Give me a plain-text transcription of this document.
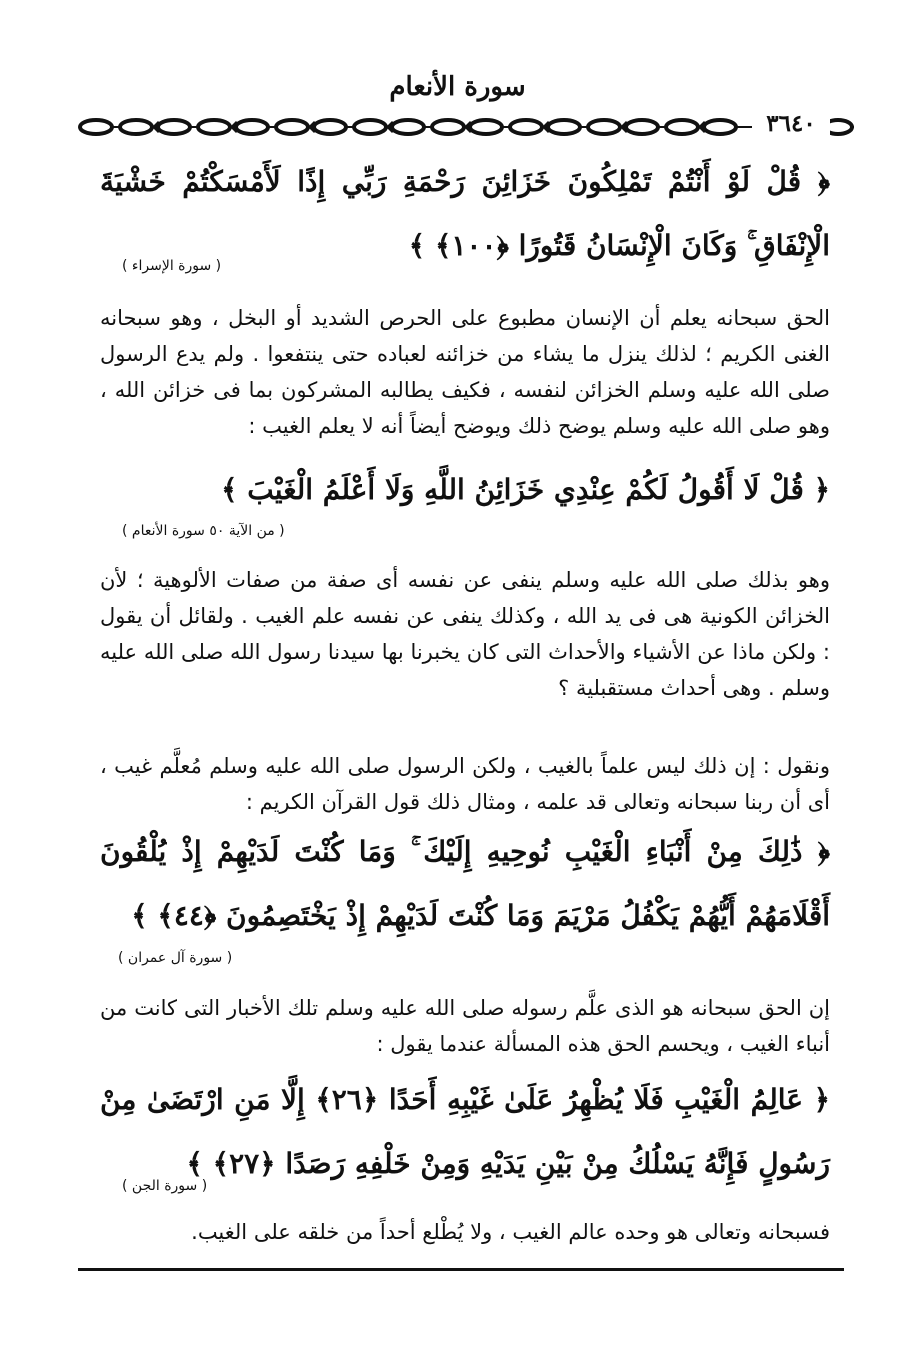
سورة الأنعام
٣٦٤٠
﴿ قُلْ لَوْ أَنْتُمْ تَمْلِكُونَ خَزَائِنَ رَحْمَةِ رَبِّي إِذًا لَأَمْسَكْتُمْ خَشْيَةَ الْإِنْفَاقِ ۚ وَكَانَ الْإِنْسَانُ قَتُورًا ﴿١٠٠﴾ ﴾
( سورة الإسراء )
الحق سبحانه يعلم أن الإنسان مطبوع على الحرص الشديد أو البخل ، وهو سبحانه الغنى الكريم ؛ لذلك ينزل ما يشاء من خزائنه لعباده حتى ينتفعوا . ولم يدع الرسول صلى الله عليه وسلم الخزائن لنفسه ، فكيف يطالبه المشركون بما فى خزائن الله ، وهو صلى الله عليه وسلم يوضح ذلك ويوضح أيضاً أنه لا يعلم الغيب :
﴿ قُلْ لَا أَقُولُ لَكُمْ عِنْدِي خَزَائِنُ اللَّهِ وَلَا أَعْلَمُ الْغَيْبَ ﴾
( من الآية ٥٠ سورة الأنعام )
وهو بذلك صلى الله عليه وسلم ينفى عن نفسه أى صفة من صفات الألوهية ؛ لأن الخزائن الكونية هى فى يد الله ، وكذلك ينفى عن نفسه علم الغيب . ولقائل أن يقول : ولكن ماذا عن الأشياء والأحداث التى كان يخبرنا بها سيدنا رسول الله صلى الله عليه وسلم . وهى أحداث مستقبلية ؟
ونقول : إن ذلك ليس علماً بالغيب ، ولكن الرسول صلى الله عليه وسلم مُعلَّم غيب ، أى أن ربنا سبحانه وتعالى قد علمه ، ومثال ذلك قول القرآن الكريم :
﴿ ذَٰلِكَ مِنْ أَنْبَاءِ الْغَيْبِ نُوحِيهِ إِلَيْكَ ۚ وَمَا كُنْتَ لَدَيْهِمْ إِذْ يُلْقُونَ أَقْلَامَهُمْ أَيُّهُمْ يَكْفُلُ مَرْيَمَ وَمَا كُنْتَ لَدَيْهِمْ إِذْ يَخْتَصِمُونَ ﴿٤٤﴾ ﴾
( سورة آل عمران )
إن الحق سبحانه هو الذى علَّم رسوله صلى الله عليه وسلم تلك الأخبار التى كانت من أنباء الغيب ، ويحسم الحق هذه المسألة عندما يقول :
﴿ عَالِمُ الْغَيْبِ فَلَا يُظْهِرُ عَلَىٰ غَيْبِهِ أَحَدًا ﴿٢٦﴾ إِلَّا مَنِ ارْتَضَىٰ مِنْ رَسُولٍ فَإِنَّهُ يَسْلُكُ مِنْ بَيْنِ يَدَيْهِ وَمِنْ خَلْفِهِ رَصَدًا ﴿٢٧﴾ ﴾
( سورة الجن )
فسبحانه وتعالى هو وحده عالم الغيب ، ولا يُطْلع أحداً من خلقه على الغيب.
